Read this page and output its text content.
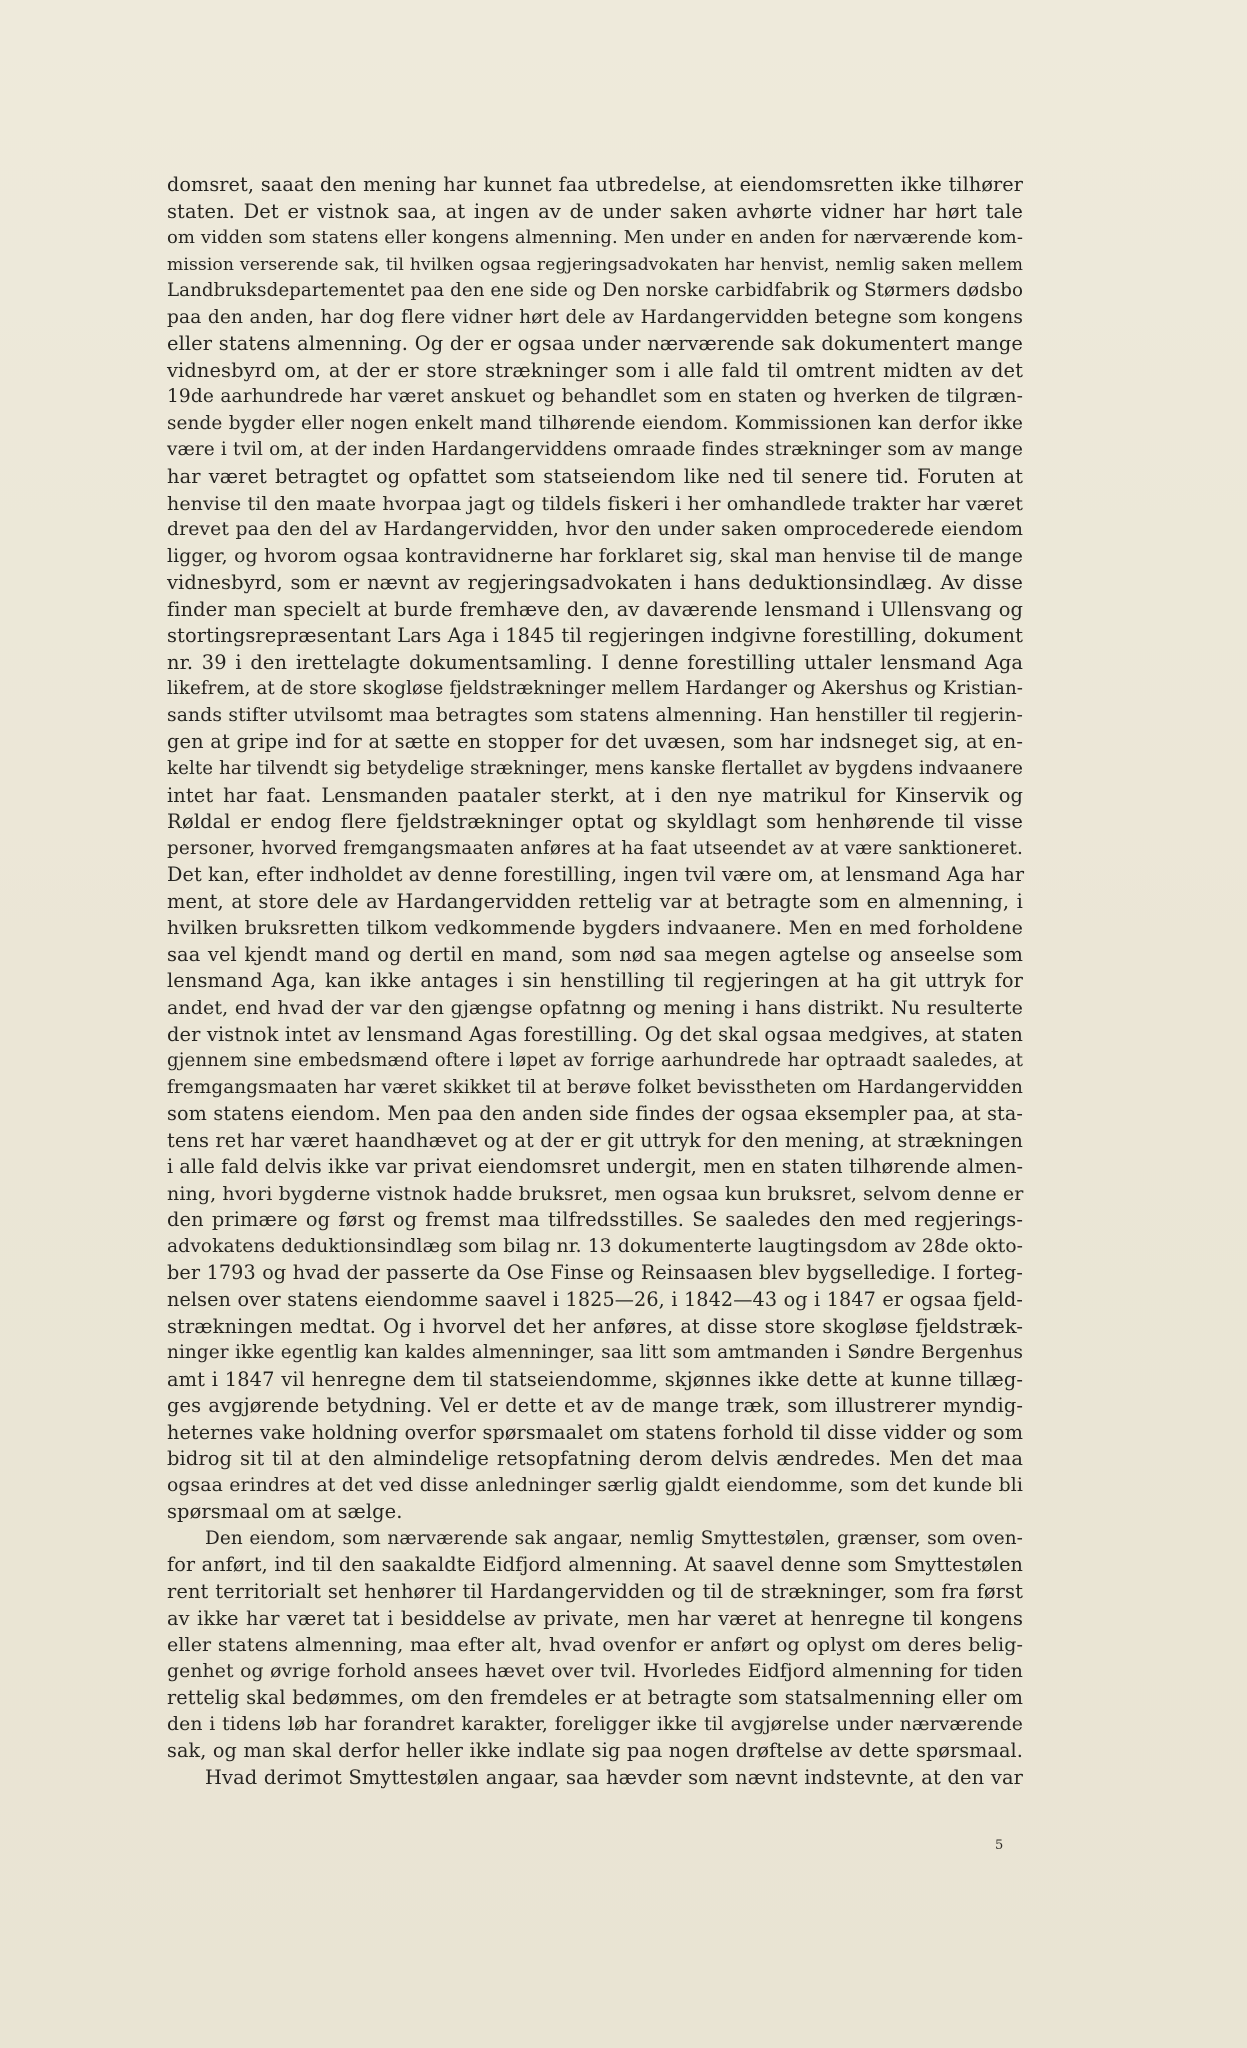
domsret, saaat den mening har kunnet faa utbredelse, at eiendomsretten ikke tilhører
staten. Det er vistnok saa, at ingen av de under saken avhørte vidner har hørt tale
om vidden som statens eller kongens almenning. Men under en anden for nærværende kom-
mission verserende sak, til hvilken ogsaa regjeringsadvokaten har henvist, nemlig saken mellem
Landbruksdepartementet paa den ene side og Den norske carbidfabrik og Størmers dødsbo
paa den anden, har dog flere vidner hørt dele av Hardangervidden betegne som kongens
eller statens almenning. Og der er ogsaa under nærværende sak dokumentert mange
vidnesbyrd om, at der er store strækninger som i alle fald til omtrent midten av det
19de aarhundrede har været anskuet og behandlet som en staten og hverken de tilgræn-
sende bygder eller nogen enkelt mand tilhørende eiendom. Kommissionen kan derfor ikke
være i tvil om, at der inden Hardangerviddens omraade findes strækninger som av mange
har været betragtet og opfattet som statseiendom like ned til senere tid. Foruten at
henvise til den maate hvorpaa jagt og tildels fiskeri i her omhandlede trakter har været
drevet paa den del av Hardangervidden, hvor den under saken omprocederede eiendom
ligger, og hvorom ogsaa kontravidnerne har forklaret sig, skal man henvise til de mange
vidnesbyrd, som er nævnt av regjeringsadvokaten i hans deduktionsindlæg. Av disse
finder man specielt at burde fremhæve den, av daværende lensmand i Ullensvang og
stortingsrepræsentant Lars Aga i 1845 til regjeringen indgivne forestilling, dokument
nr. 39 i den irettelagte dokumentsamling. I denne forestilling uttaler lensmand Aga
likefrem, at de store skogløse fjeldstrækninger mellem Hardanger og Akershus og Kristian-
sands stifter utvilsomt maa betragtes som statens almenning. Han henstiller til regjerin-
gen at gripe ind for at sætte en stopper for det uvæsen, som har indsneget sig, at en-
kelte har tilvendt sig betydelige strækninger, mens kanske flertallet av bygdens indvaanere
intet har faat. Lensmanden paataler sterkt, at i den nye matrikul for Kinservik og
Røldal er endog flere fjeldstrækninger optat og skyldlagt som henhørende til visse
personer, hvorved fremgangsmaaten anføres at ha faat utseendet av at være sanktioneret.
Det kan, efter indholdet av denne forestilling, ingen tvil være om, at lensmand Aga har
ment, at store dele av Hardangervidden rettelig var at betragte som en almenning, i
hvilken bruksretten tilkom vedkommende bygders indvaanere. Men en med forholdene
saa vel kjendt mand og dertil en mand, som nød saa megen agtelse og anseelse som
lensmand Aga, kan ikke antages i sin henstilling til regjeringen at ha git uttryk for
andet, end hvad der var den gjængse opfatnng og mening i hans distrikt. Nu resulterte
der vistnok intet av lensmand Agas forestilling. Og det skal ogsaa medgives, at staten
gjennem sine embedsmænd oftere i løpet av forrige aarhundrede har optraadt saaledes, at
fremgangsmaaten har været skikket til at berøve folket bevisstheten om Hardangervidden
som statens eiendom. Men paa den anden side findes der ogsaa eksempler paa, at sta-
tens ret har været haandhævet og at der er git uttryk for den mening, at strækningen
i alle fald delvis ikke var privat eiendomsret undergit, men en staten tilhørende almen-
ning, hvori bygderne vistnok hadde bruksret, men ogsaa kun bruksret, selvom denne er
den primære og først og fremst maa tilfredsstilles. Se saaledes den med regjerings-
advokatens deduktionsindlæg som bilag nr. 13 dokumenterte laugtingsdom av 28de okto-
ber 1793 og hvad der passerte da Ose Finse og Reinsaasen blev bygselledige. I forteg-
nelsen over statens eiendomme saavel i 1825—26, i 1842—43 og i 1847 er ogsaa fjeld-
strækningen medtat. Og i hvorvel det her anføres, at disse store skogløse fjeldstræk-
ninger ikke egentlig kan kaldes almenninger, saa litt som amtmanden i Søndre Bergenhus
amt i 1847 vil henregne dem til statseiendomme, skjønnes ikke dette at kunne tillæg-
ges avgjørende betydning. Vel er dette et av de mange træk, som illustrerer myndig-
heternes vake holdning overfor spørsmaalet om statens forhold til disse vidder og som
bidrog sit til at den almindelige retsopfatning derom delvis ændredes. Men det maa
ogsaa erindres at det ved disse anledninger særlig gjaldt eiendomme, som det kunde bli
spørsmaal om at sælge.
Den eiendom, som nærværende sak angaar, nemlig Smyttestølen, grænser, som oven-
for anført, ind til den saakaldte Eidfjord almenning. At saavel denne som Smyttestølen
rent territorialt set henhører til Hardangervidden og til de strækninger, som fra først
av ikke har været tat i besiddelse av private, men har været at henregne til kongens
eller statens almenning, maa efter alt, hvad ovenfor er anført og oplyst om deres belig-
genhet og øvrige forhold ansees hævet over tvil. Hvorledes Eidfjord almenning for tiden
rettelig skal bedømmes, om den fremdeles er at betragte som statsalmenning eller om
den i tidens løb har forandret karakter, foreligger ikke til avgjørelse under nærværende
sak, og man skal derfor heller ikke indlate sig paa nogen drøftelse av dette spørsmaal.
Hvad derimot Smyttestølen angaar, saa hævder som nævnt indstevnte, at den var
5
